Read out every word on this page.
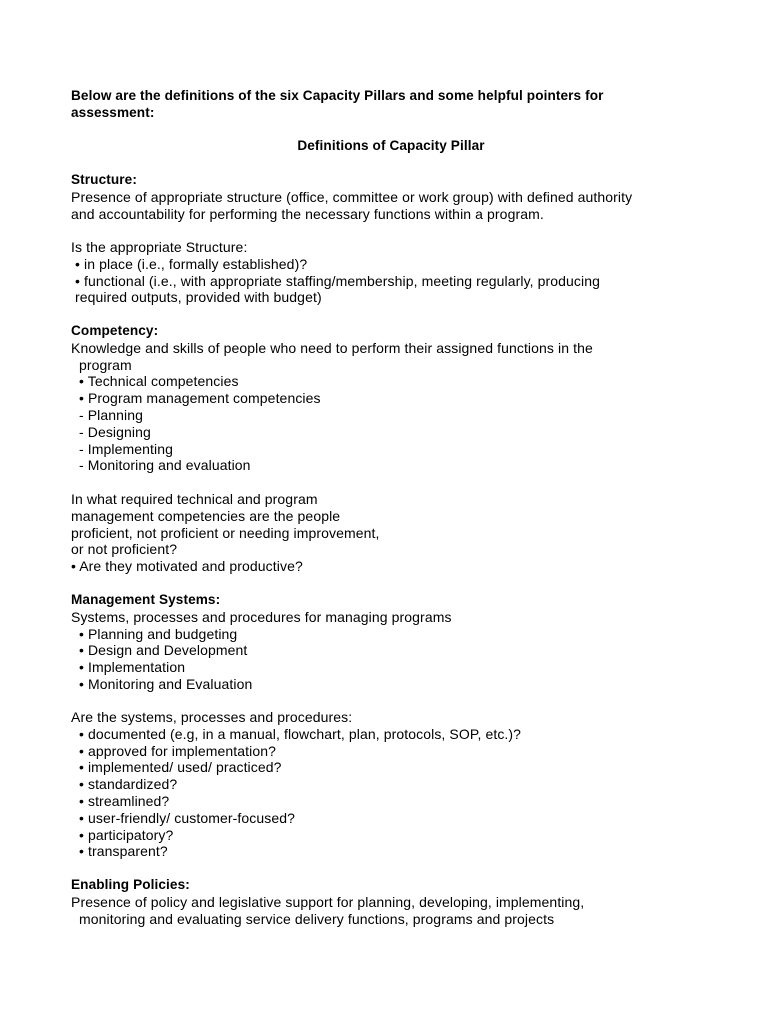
Below are the definitions of the six Capacity Pillars and some helpful pointers for
assessment:
Definitions of Capacity Pillar
Structure:
Presence of appropriate structure (office, committee or work group) with defined authority
and accountability for performing the necessary functions within a program.
Is the appropriate Structure:
• in place (i.e., formally established)?
• functional (i.e., with appropriate staffing/membership, meeting regularly, producing
required outputs, provided with budget)
Competency:
Knowledge and skills of people who need to perform their assigned functions in the
program
• Technical competencies
• Program management competencies
- Planning
- Designing
- Implementing
- Monitoring and evaluation
In what required technical and program
management competencies are the people
proficient, not proficient or needing improvement,
or not proficient?
• Are they motivated and productive?
Management Systems:
Systems, processes and procedures for managing programs
• Planning and budgeting
• Design and Development
• Implementation
• Monitoring and Evaluation
Are the systems, processes and procedures:
• documented (e.g, in a manual, flowchart, plan, protocols, SOP, etc.)?
• approved for implementation?
• implemented/ used/ practiced?
• standardized?
• streamlined?
• user-friendly/ customer-focused?
• participatory?
• transparent?
Enabling Policies:
Presence of policy and legislative support for planning, developing, implementing,
monitoring and evaluating service delivery functions, programs and projects
